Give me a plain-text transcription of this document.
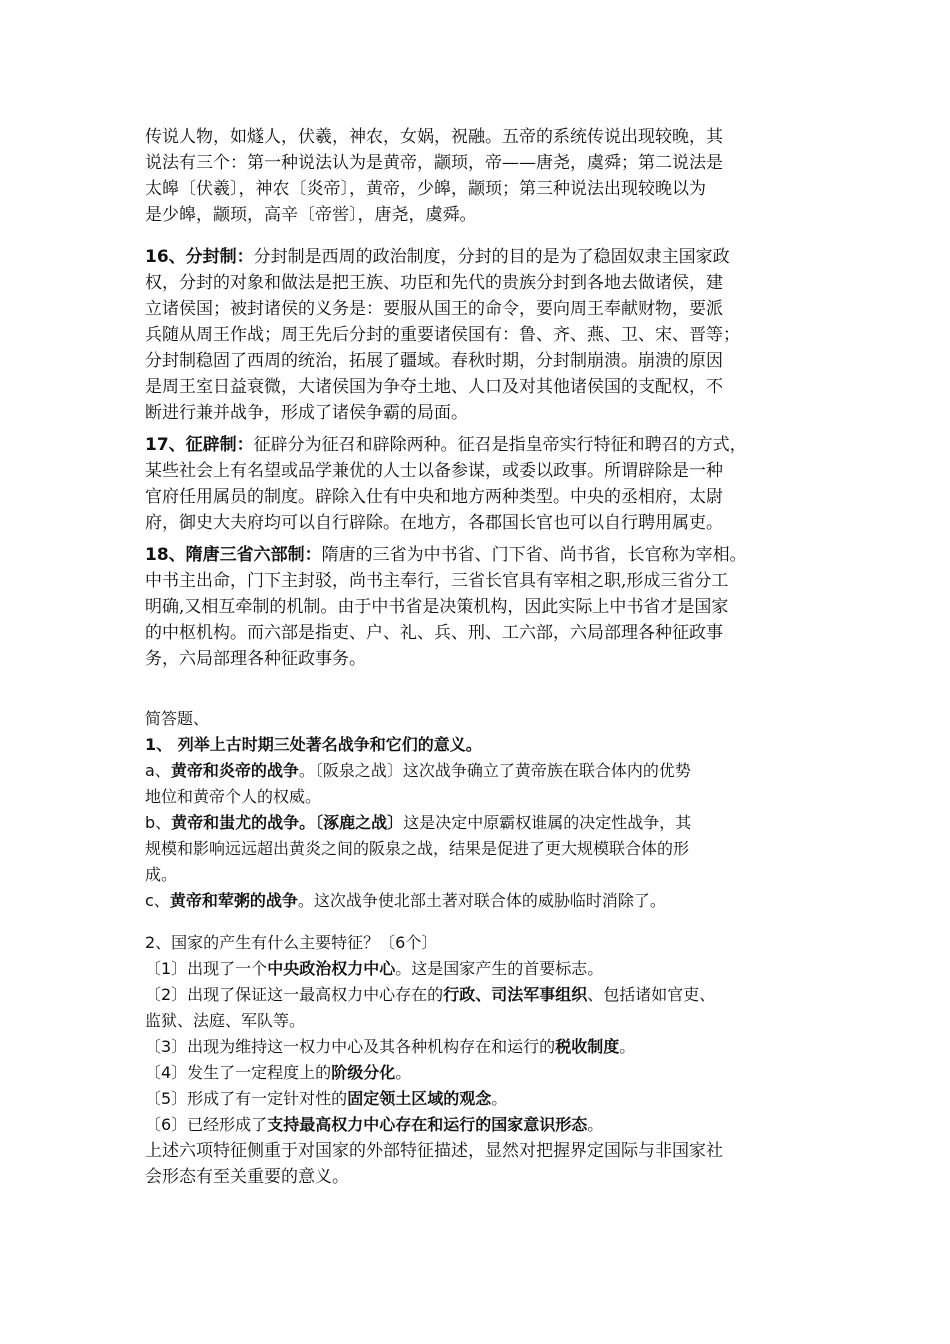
传说人物，如燧人，伏羲，神农，女娲，祝融。五帝的系统传说出现较晚，其
说法有三个：第一种说法认为是黄帝，颛顼，帝——唐尧，虞舜；第二说法是
太皞〔伏羲〕，神农〔炎帝〕，黄帝，少皞，颛顼；第三种说法出现较晚以为
是少皞，颛顼，高辛〔帝喾〕，唐尧，虞舜。
16、分封制：分封制是西周的政治制度，分封的目的是为了稳固奴隶主国家政
权，分封的对象和做法是把王族、功臣和先代的贵族分封到各地去做诸侯，建
立诸侯国；被封诸侯的义务是：要服从国王的命令，要向周王奉献财物，要派
兵随从周王作战；周王先后分封的重要诸侯国有：鲁、齐、燕、卫、宋、晋等；
分封制稳固了西周的统治，拓展了疆域。春秋时期，分封制崩溃。崩溃的原因
是周王室日益衰微，大诸侯国为争夺土地、人口及对其他诸侯国的支配权，不
断进行兼并战争，形成了诸侯争霸的局面。
17、征辟制：征辟分为征召和辟除两种。征召是指皇帝实行特征和聘召的方式，
某些社会上有名望或品学兼优的人士以备参谋，或委以政事。所谓辟除是一种
官府任用属员的制度。辟除入仕有中央和地方两种类型。中央的丞相府，太尉
府，御史大夫府均可以自行辟除。在地方，各郡国长官也可以自行聘用属吏。
18、隋唐三省六部制：隋唐的三省为中书省、门下省、尚书省，长官称为宰相。
中书主出命，门下主封驳，尚书主奉行，三省长官具有宰相之职,形成三省分工
明确,又相互牵制的机制。由于中书省是决策机构，因此实际上中书省才是国家
的中枢机构。而六部是指吏、户、礼、兵、刑、工六部，六局部理各种征政事
务，六局部理各种征政事务。
简答题、
1、 列举上古时期三处著名战争和它们的意义。
a、黄帝和炎帝的战争。〔阪泉之战〕这次战争确立了黄帝族在联合体内的优势
地位和黄帝个人的权威。
b、黄帝和蚩尤的战争。〔涿鹿之战〕这是决定中原霸权谁属的决定性战争，其
规模和影响远远超出黄炎之间的阪泉之战，结果是促进了更大规模联合体的形
成。
c、黄帝和荤粥的战争。这次战争使北部土著对联合体的威胁临时消除了。
2、国家的产生有什么主要特征？〔6个〕
〔1〕出现了一个中央政治权力中心。这是国家产生的首要标志。
〔2〕出现了保证这一最高权力中心存在的行政、司法军事组织、包括诸如官吏、
监狱、法庭、军队等。
〔3〕出现为维持这一权力中心及其各种机构存在和运行的税收制度。
〔4〕发生了一定程度上的阶级分化。
〔5〕形成了有一定针对性的固定领土区域的观念。
〔6〕已经形成了支持最高权力中心存在和运行的国家意识形态。
上述六项特征侧重于对国家的外部特征描述，显然对把握界定国际与非国家社
会形态有至关重要的意义。
